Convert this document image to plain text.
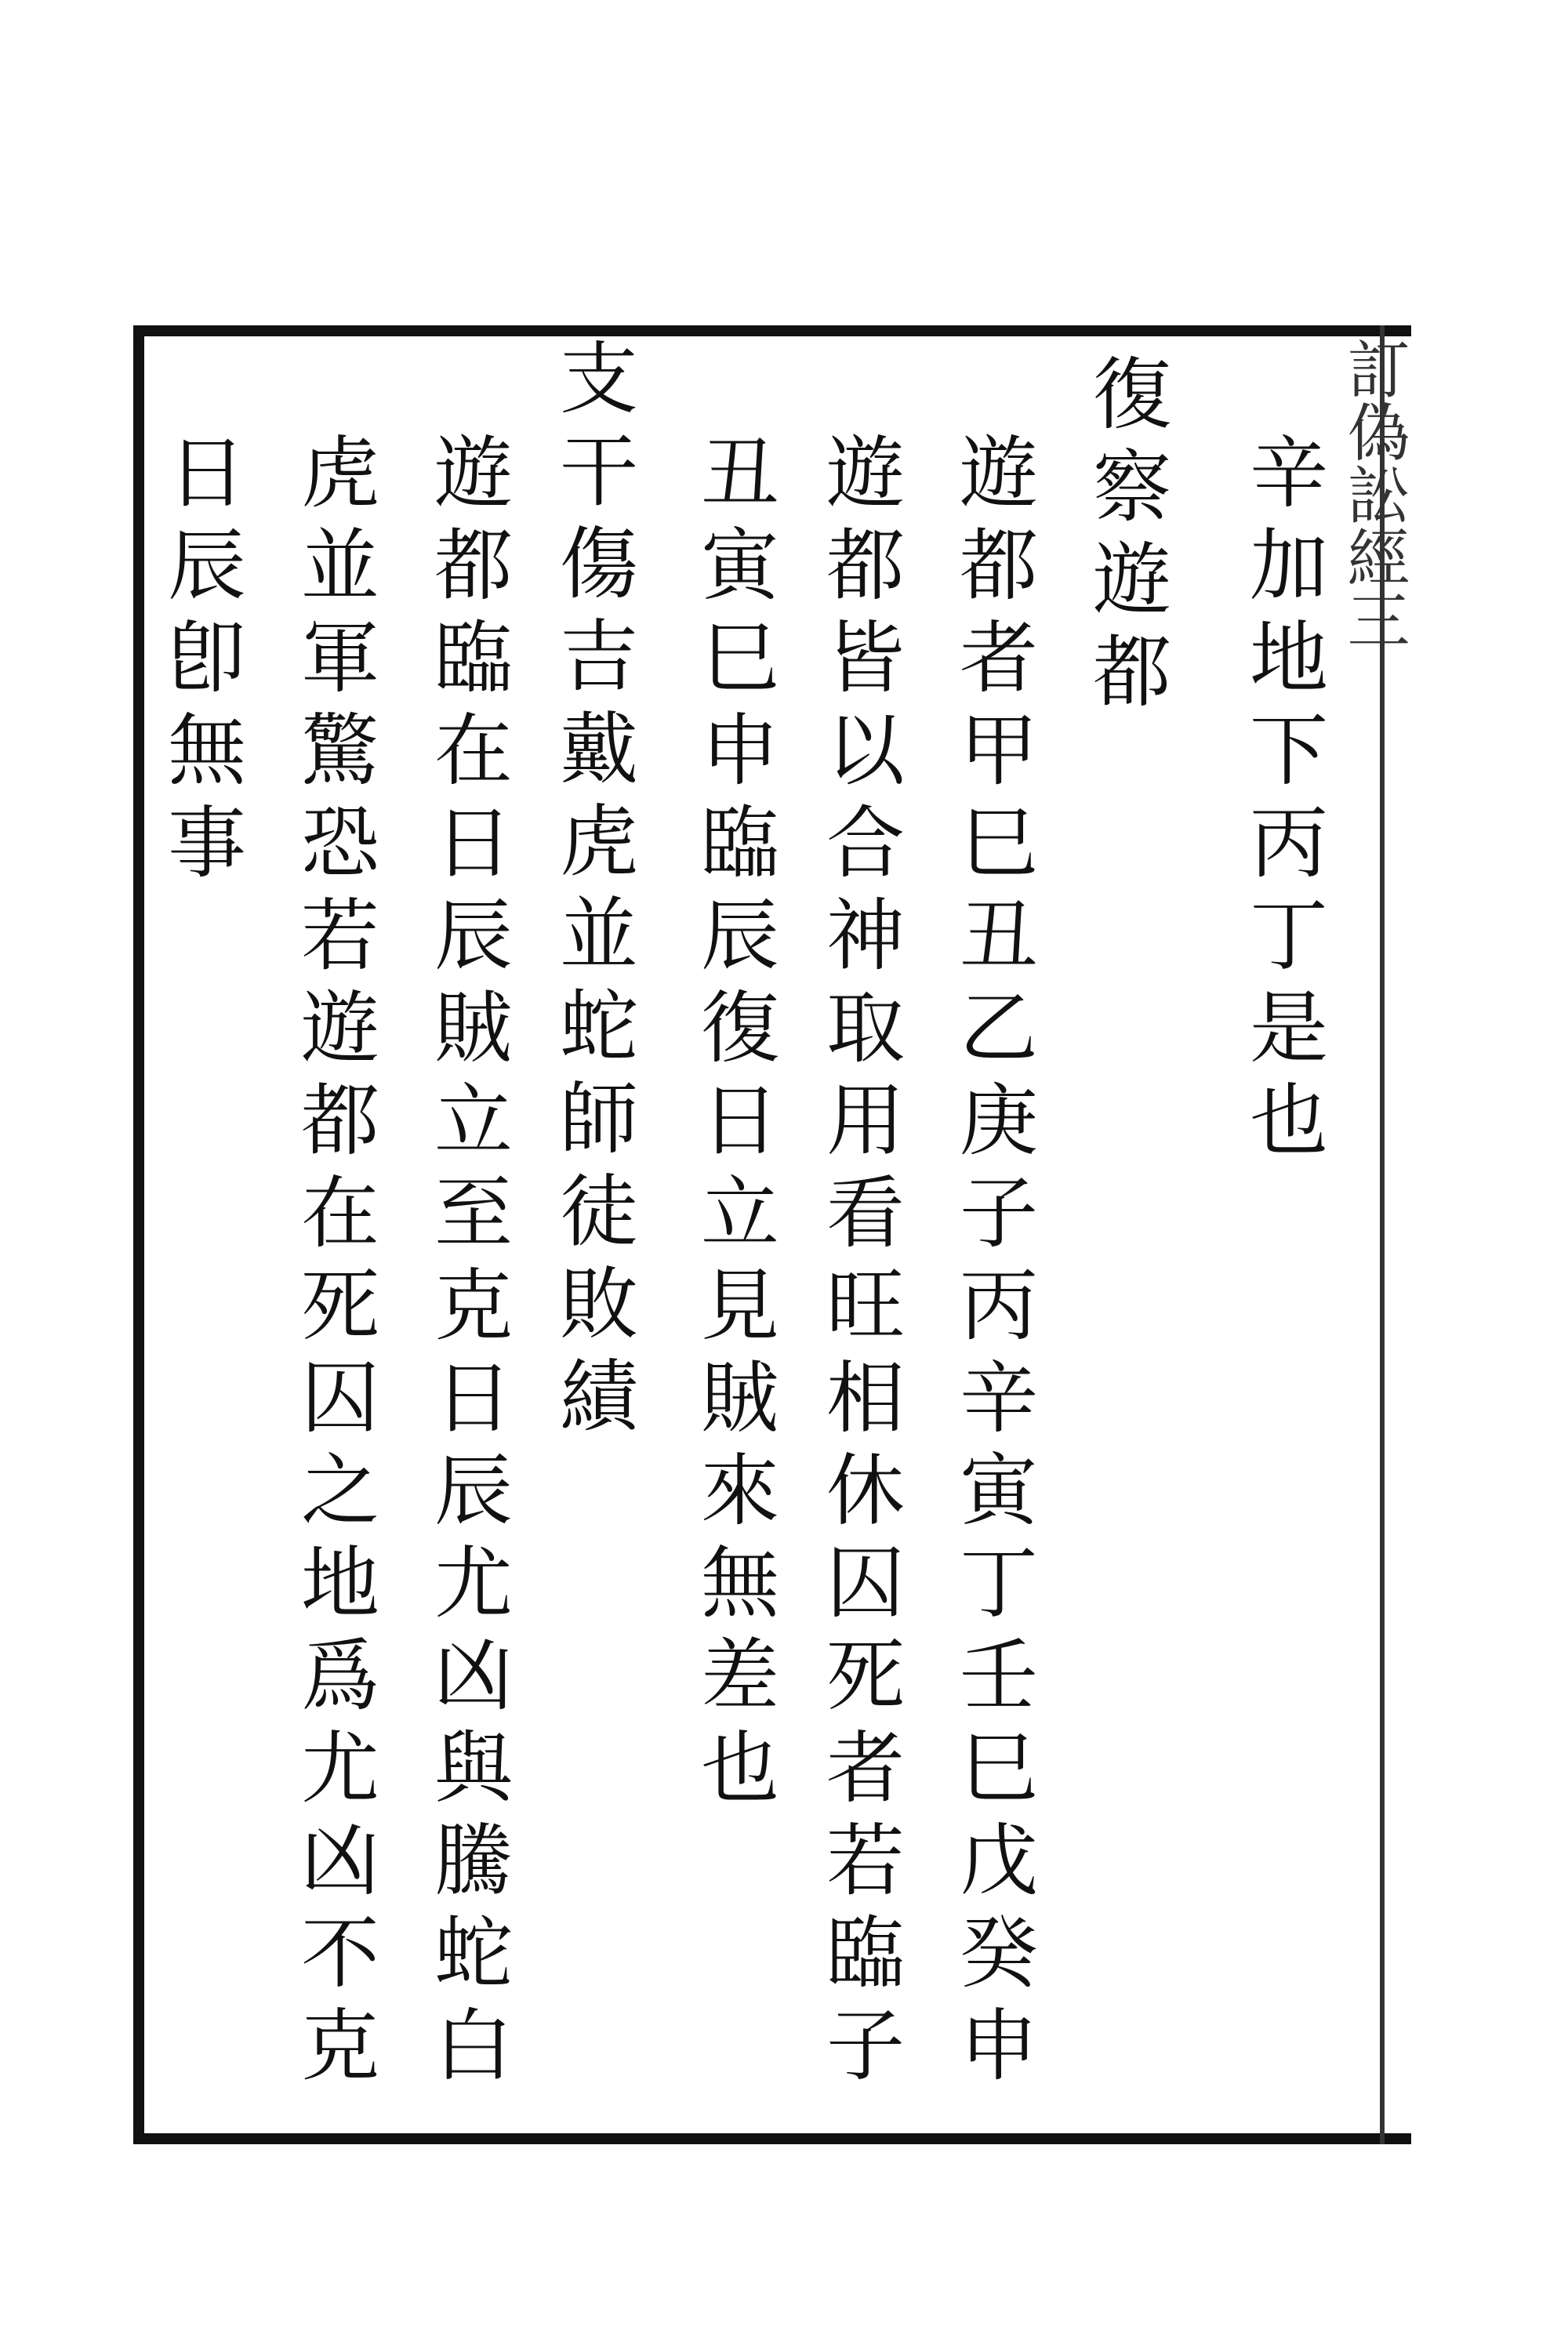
訂偽訟經三
辛加地下丙丁是也
復察遊都
遊都者甲巳丑乙庚子丙辛寅丁壬巳戊癸申
遊都皆以合神取用看旺相休囚死者若臨子
丑寅巳申臨辰復日立見賊來無差也
支干傷吉戴虎並蛇師徒敗績
遊都臨在日辰賊立至克日辰尤凶與騰蛇白
虎並軍驚恐若遊都在死囚之地爲尤凶不克
日辰卽無事
